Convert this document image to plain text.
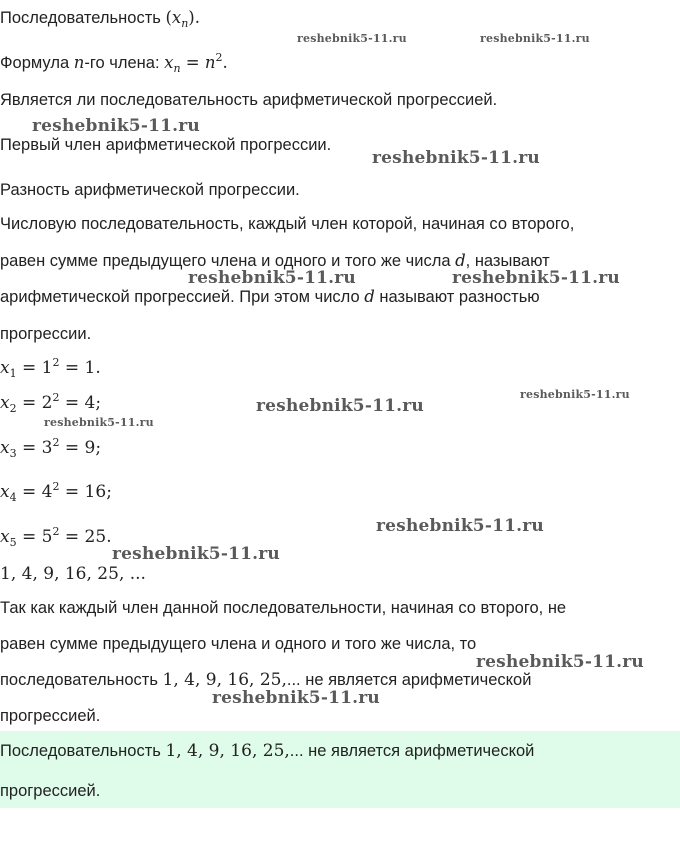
Последовательность $(x_n)$.
Формула n-го члена: $x_n = n^2$.
Является ли последовательность арифметической прогрессией.
Первый член арифметической прогрессии.
Разность арифметической прогрессии.
Числовую последовательность, каждый член которой, начиная со второго,
равен сумме предыдущего члена и одного и того же числа d, называют
арифметической прогрессией. При этом число d называют разностью
прогрессии.
$x_1 = 1^2 = 1$.
$x_2 = 2^2 = 4$;
$x_3 = 3^2 = 9$;
$x_4 = 4^2 = 16$;
$x_5 = 5^2 = 25$.
1, 4, 9, 16, 25, ...
Так как каждый член данной последовательности, начиная со второго, не
равен сумме предыдущего члена и одного и того же числа, то
последовательность 1, 4, 9, 16, 25,... не является арифметической
прогрессией.
Последовательность 1, 4, 9, 16, 25,... не является арифметической
прогрессией.
reshebnik5-11.ru	reshebnik5-11.ru
reshebnik5-11.ru
reshebnik5-11.ru
reshebnik5-11.ru	reshebnik5-11.ru
reshebnik5-11.ru
reshebnik5-11.ru
reshebnik5-11.ru
reshebnik5-11.ru
reshebnik5-11.ru
reshebnik5-11.ru
reshebnik5-11.ru
